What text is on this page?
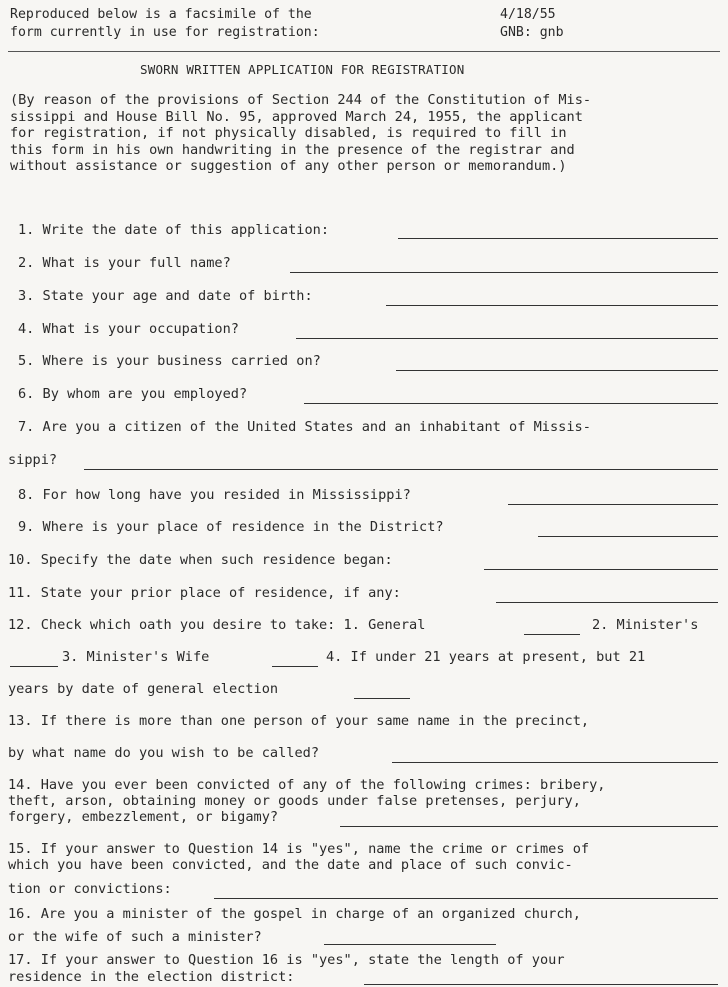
Reproduced below is a facsimile of the
form currently in use for registration:
4/18/55
GNB: gnb
SWORN WRITTEN APPLICATION FOR REGISTRATION
(By reason of the provisions of Section 244 of the Constitution of Mis-
sissippi and House Bill No. 95, approved March 24, 1955, the applicant
for registration, if not physically disabled, is required to fill in
this form in his own handwriting in the presence of the registrar and
without assistance or suggestion of any other person or memorandum.)
1. Write the date of this application:
2. What is your full name?
3. State your age and date of birth:
4. What is your occupation?
5. Where is your business carried on?
6. By whom are you employed?
7. Are you a citizen of the United States and an inhabitant of Missis-
sippi?
8. For how long have you resided in Mississippi?
9. Where is your place of residence in the District?
10. Specify the date when such residence began:
11. State your prior place of residence, if any:
12. Check which oath you desire to take: 1. General	2. Minister's
3. Minister's Wife	4. If under 21 years at present, but 21
years by date of general election
13. If there is more than one person of your same name in the precinct,
by what name do you wish to be called?
14. Have you ever been convicted of any of the following crimes: bribery,
theft, arson, obtaining money or goods under false pretenses, perjury,
forgery, embezzlement, or bigamy?
15. If your answer to Question 14 is "yes", name the crime or crimes of
which you have been convicted, and the date and place of such convic-
tion or convictions:
16. Are you a minister of the gospel in charge of an organized church,
or the wife of such a minister?
17. If your answer to Question 16 is "yes", state the length of your
residence in the election district:
